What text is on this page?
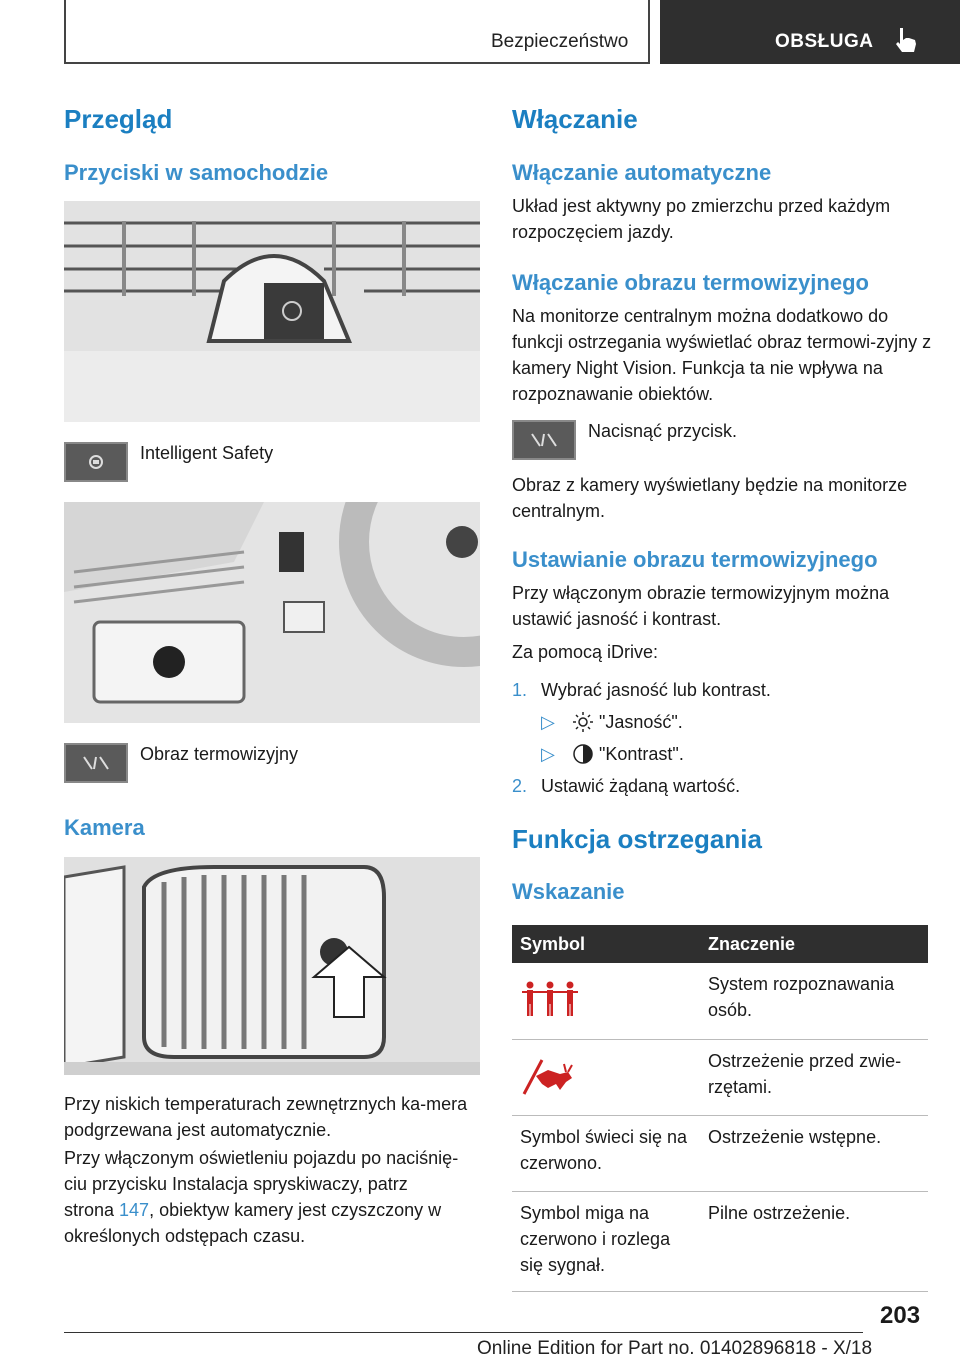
Bezpieczeństwo	OBSŁUGA
Przegląd
Przyciski w samochodzie
Intelligent Safety
Obraz termowizyjny
Kamera
Przy niskich temperaturach zewnętrznych ka-mera podgrzewana jest automatycznie.
Przy włączonym oświetleniu pojazdu po naciśnię-
ciu przycisku Instalacja spryskiwaczy, patrz
strona 147, obiektyw kamery jest czyszczony w
określonych odstępach czasu.
Włączanie
Włączanie automatyczne
Układ jest aktywny po zmierzchu przed każdym rozpoczęciem jazdy.
Włączanie obrazu termowizyjnego
Na monitorze centralnym można dodatkowo do funkcji ostrzegania wyświetlać obraz termowi-zyjny z kamery Night Vision. Funkcja ta nie wpływa na rozpoznawanie obiektów.
Nacisnąć przycisk.
Obraz z kamery wyświetlany będzie na monitorze centralnym.
Ustawianie obrazu termowizyjnego
Przy włączonym obrazie termowizyjnym można ustawić jasność i kontrast.
Za pomocą iDrive:
1. Wybrać jasność lub kontrast.
▷ "Jasność".
▷ "Kontrast".
2. Ustawić żądaną wartość.
Funkcja ostrzegania
Wskazanie
Symbol	Znaczenie
	System rozpoznawania osób.
	Ostrzeżenie przed zwie-rzętami.
Symbol świeci się na czerwono.	Ostrzeżenie wstępne.
Symbol miga na czerwono i rozlega się sygnał.	Pilne ostrzeżenie.
203
Online Edition for Part no. 01402896818 - X/18
